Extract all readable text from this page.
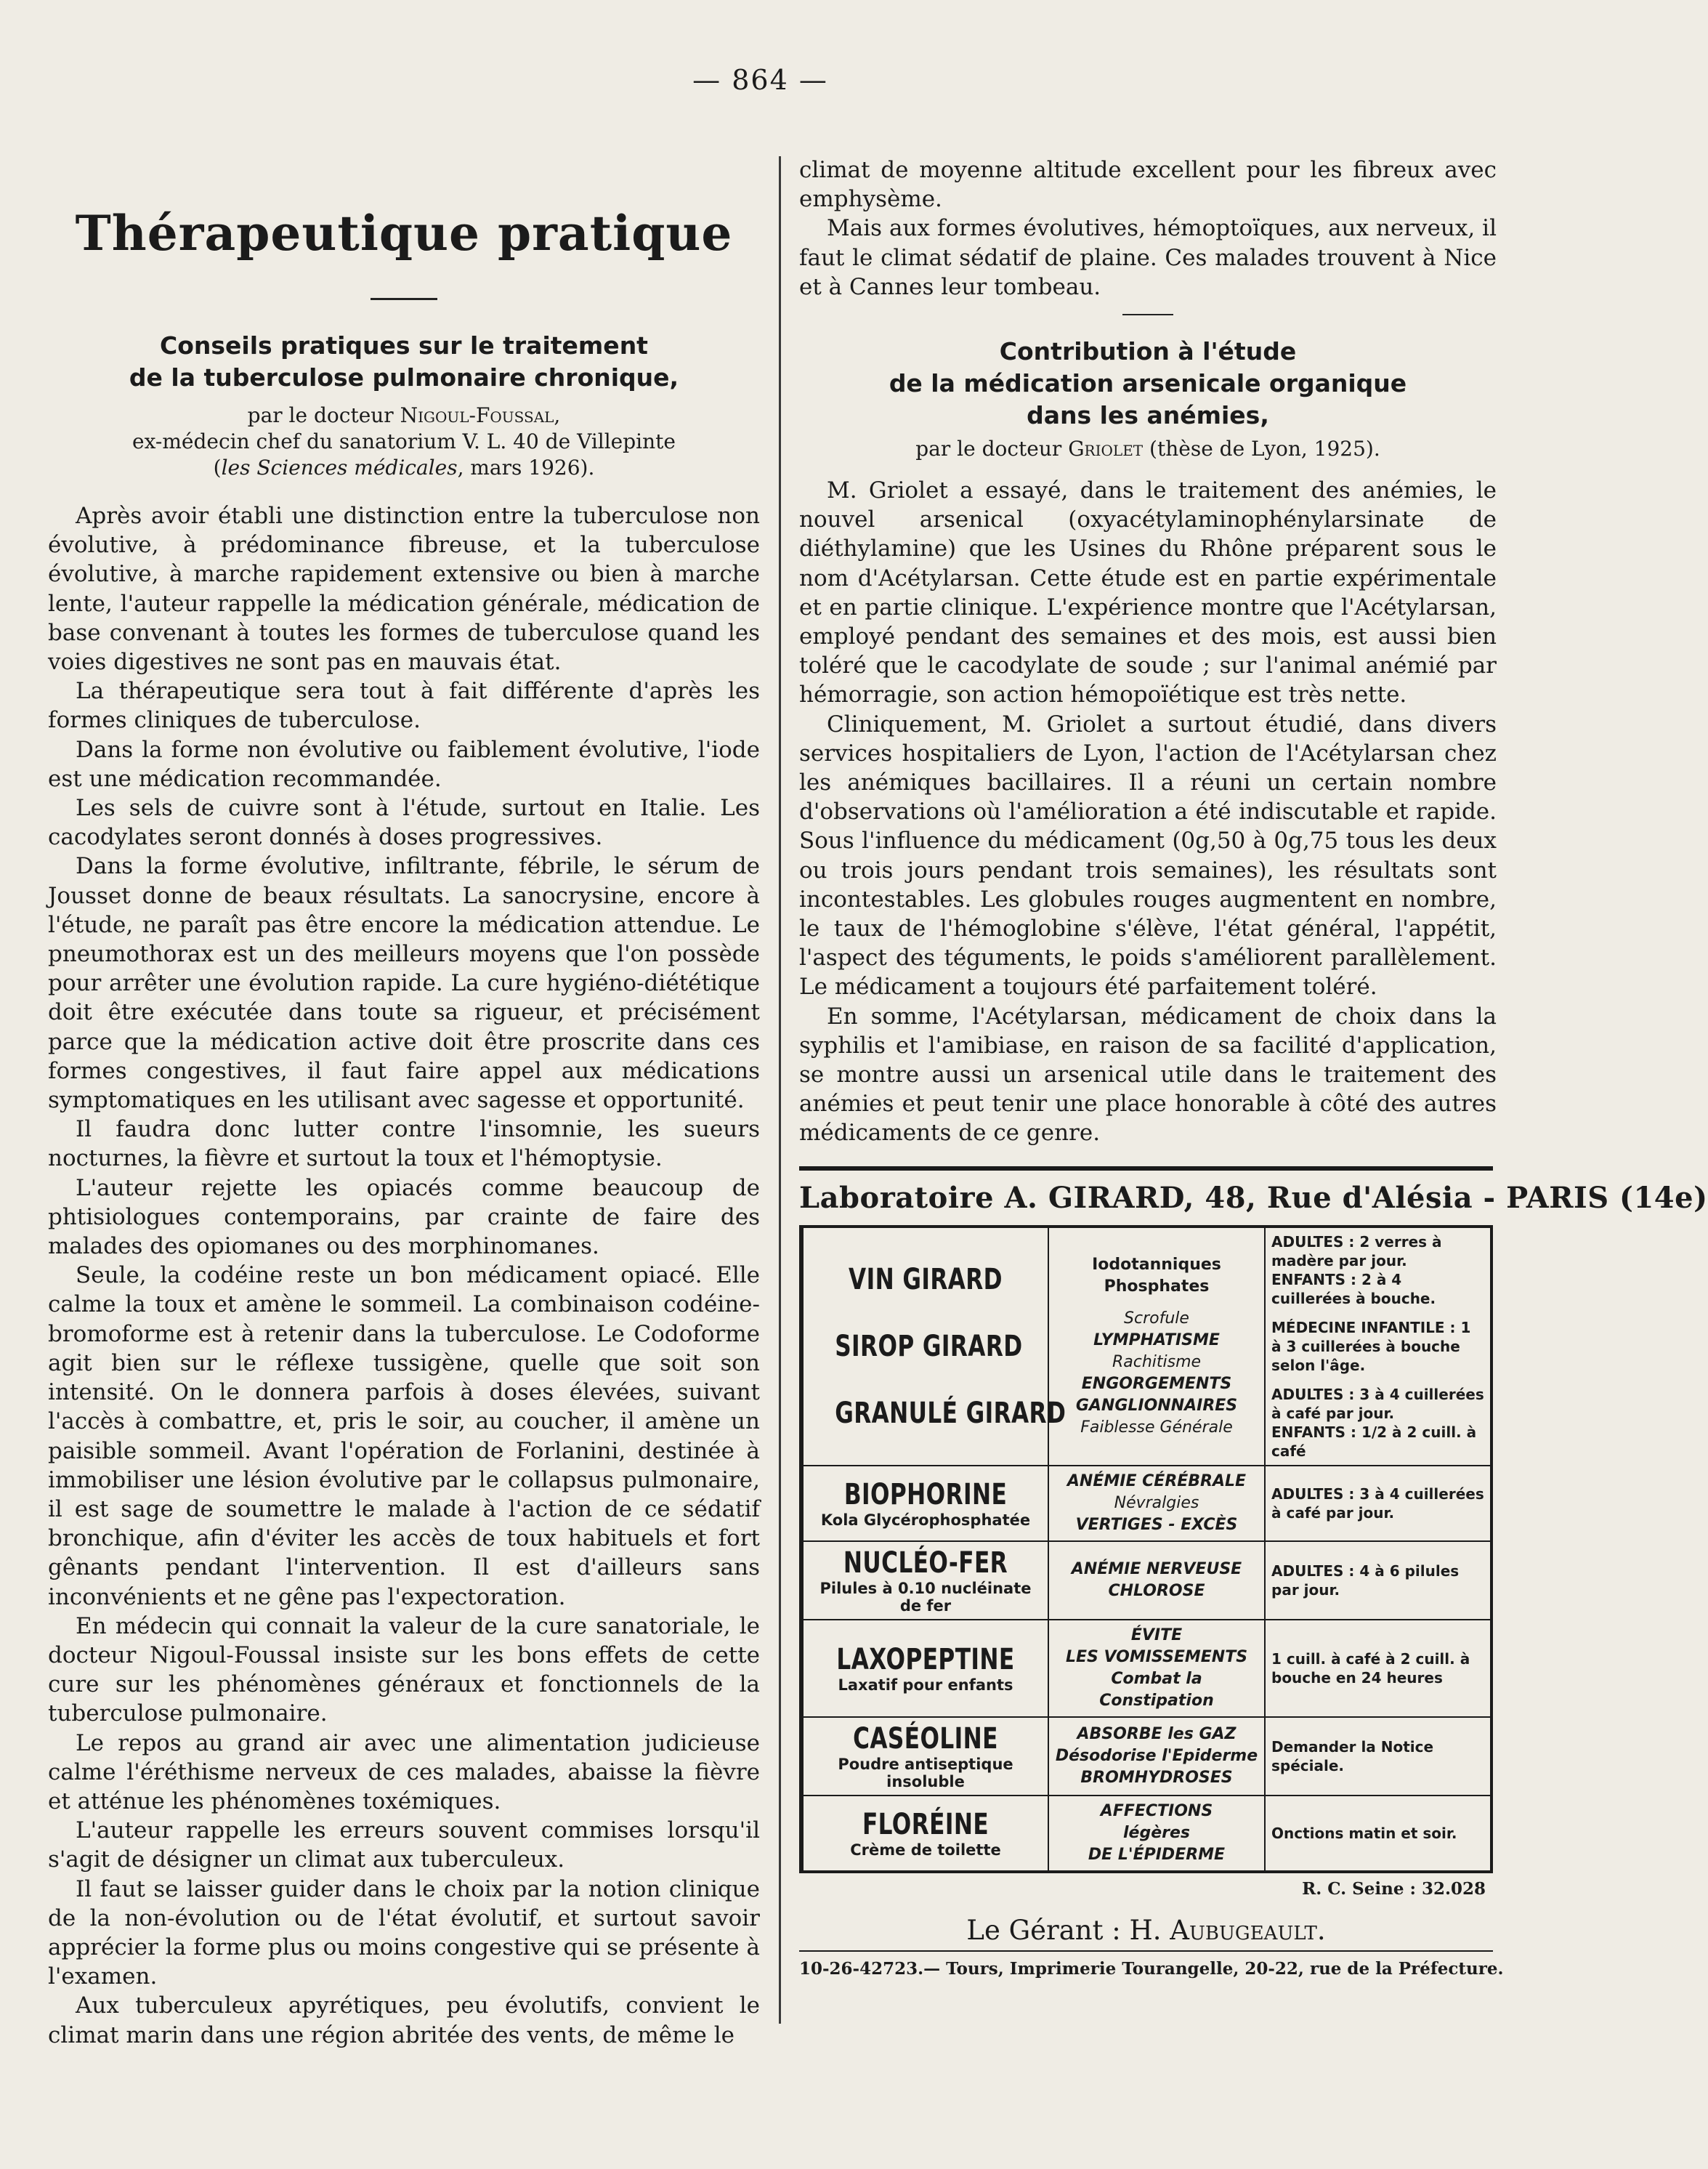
— 864 —
Thérapeutique pratique
Conseils pratiques sur le traitement
de la tuberculose pulmonaire chronique,
par le docteur Nigoul-Foussal,
ex-médecin chef du sanatorium V. L. 40 de Villepinte
(les Sciences médicales, mars 1926).

Après avoir établi une distinction entre la tuberculose non évolutive, à prédominance fibreuse, et la tuberculose évolutive, à marche rapidement extensive ou bien à marche lente, l'auteur rappelle la médication générale, médication de base convenant à toutes les formes de tuberculose quand les voies digestives ne sont pas en mauvais état.

La thérapeutique sera tout à fait différente d'après les formes cliniques de tuberculose.

Dans la forme non évolutive ou faiblement évolutive, l'iode est une médication recommandée.

Les sels de cuivre sont à l'étude, surtout en Italie. Les cacodylates seront donnés à doses progressives.

Dans la forme évolutive, infiltrante, fébrile, le sérum de Jousset donne de beaux résultats. La sanocrysine, encore à l'étude, ne paraît pas être encore la médication attendue. Le pneumothorax est un des meilleurs moyens que l'on possède pour arrêter une évolution rapide. La cure hygiéno-diététique doit être exécutée dans toute sa rigueur, et précisément parce que la médication active doit être proscrite dans ces formes congestives, il faut faire appel aux médications symptomatiques en les utilisant avec sagesse et opportunité.

Il faudra donc lutter contre l'insomnie, les sueurs nocturnes, la fièvre et surtout la toux et l'hémoptysie.

L'auteur rejette les opiacés comme beaucoup de phtisiologues contemporains, par crainte de faire des malades des opiomanes ou des morphinomanes.

Seule, la codéine reste un bon médicament opiacé. Elle calme la toux et amène le sommeil. La combinaison codéine-bromoforme est à retenir dans la tuberculose. Le Codoforme agit bien sur le réflexe tussigène, quelle que soit son intensité. On le donnera parfois à doses élevées, suivant l'accès à combattre, et, pris le soir, au coucher, il amène un paisible sommeil. Avant l'opération de Forlanini, destinée à immobiliser une lésion évolutive par le collapsus pulmonaire, il est sage de soumettre le malade à l'action de ce sédatif bronchique, afin d'éviter les accès de toux habituels et fort gênants pendant l'intervention. Il est d'ailleurs sans inconvénients et ne gêne pas l'expectoration.

En médecin qui connait la valeur de la cure sanatoriale, le docteur Nigoul-Foussal insiste sur les bons effets de cette cure sur les phénomènes généraux et fonctionnels de la tuberculose pulmonaire.

Le repos au grand air avec une alimentation judicieuse calme l'éréthisme nerveux de ces malades, abaisse la fièvre et atténue les phénomènes toxémiques.

L'auteur rappelle les erreurs souvent commises lorsqu'il s'agit de désigner un climat aux tuberculeux.

Il faut se laisser guider dans le choix par la notion clinique de la non-évolution ou de l'état évolutif, et surtout savoir apprécier la forme plus ou moins congestive qui se présente à l'examen.

Aux tuberculeux apyrétiques, peu évolutifs, convient le climat marin dans une région abritée des vents, de même le

climat de moyenne altitude excellent pour les fibreux avec emphysème.

Mais aux formes évolutives, hémoptoïques, aux nerveux, il faut le climat sédatif de plaine. Ces malades trouvent à Nice et à Cannes leur tombeau.

Contribution à l'étude
de la médication arsenicale organique
dans les anémies,
par le docteur Griolet (thèse de Lyon, 1925).

M. Griolet a essayé, dans le traitement des anémies, le nouvel arsenical (oxyacétylaminophénylarsinate de diéthylamine) que les Usines du Rhône préparent sous le nom d'Acétylarsan. Cette étude est en partie expérimentale et en partie clinique. L'expérience montre que l'Acétylarsan, employé pendant des semaines et des mois, est aussi bien toléré que le cacodylate de soude ; sur l'animal anémié par hémorragie, son action hémopoïétique est très nette.

Cliniquement, M. Griolet a surtout étudié, dans divers services hospitaliers de Lyon, l'action de l'Acétylarsan chez les anémiques bacillaires. Il a réuni un certain nombre d'observations où l'amélioration a été indiscutable et rapide. Sous l'influence du médicament (0g,50 à 0g,75 tous les deux ou trois jours pendant trois semaines), les résultats sont incontestables. Les globules rouges augmentent en nombre, le taux de l'hémoglobine s'élève, l'état général, l'appétit, l'aspect des téguments, le poids s'améliorent parallèlement. Le médicament a toujours été parfaitement toléré.

En somme, l'Acétylarsan, médicament de choix dans la syphilis et l'amibiase, en raison de sa facilité d'application, se montre aussi un arsenical utile dans le traitement des anémies et peut tenir une place honorable à côté des autres médicaments de ce genre.

Laboratoire A. GIRARD, 48, Rue d'Alésia - PARIS (14e)
VIN GIRARD
SIROP GIRARD
GRANULÉ GIRARD
Iodotanniques
Phosphates
Scrofule
LYMPHATISME
Rachitisme
ENGORGEMENTS
GANGLIONNAIRES
Faiblesse Générale
ADULTES : 2 verres à madère par jour.
ENFANTS : 2 à 4 cuillerées à bouche.
MÉDECINE INFANTILE : 1 à 3 cuillerées à bouche selon l'âge.
ADULTES : 3 à 4 cuillerées à café par jour.
ENFANTS : 1/2 à 2 cuill. à café
BIOPHORINE
Kola Glycérophosphatée
ANÉMIE CÉRÉBRALE
Névralgies
VERTIGES - EXCÈS
ADULTES : 3 à 4 cuillerées à café par jour.
NUCLÉO-FER
Pilules à 0.10 nucléinate de fer
ANÉMIE NERVEUSE
CHLOROSE
ADULTES : 4 à 6 pilules par jour.
LAXOPEPTINE
Laxatif pour enfants
ÉVITE
LES VOMISSEMENTS
Combat la Constipation
1 cuill. à café à 2 cuill. à bouche en 24 heures
CASÉOLINE
Poudre antiseptique insoluble
ABSORBE les GAZ
Désodorise l'Epiderme
BROMHYDROSES
Demander la Notice spéciale.
FLORÉINE
Crème de toilette
AFFECTIONS
légères
DE L'ÉPIDERME
Onctions matin et soir.
R. C. Seine : 32.028
Le Gérant : H. Aubugeault.
10-26-42723.— Tours, Imprimerie Tourangelle, 20-22, rue de la Préfecture.
